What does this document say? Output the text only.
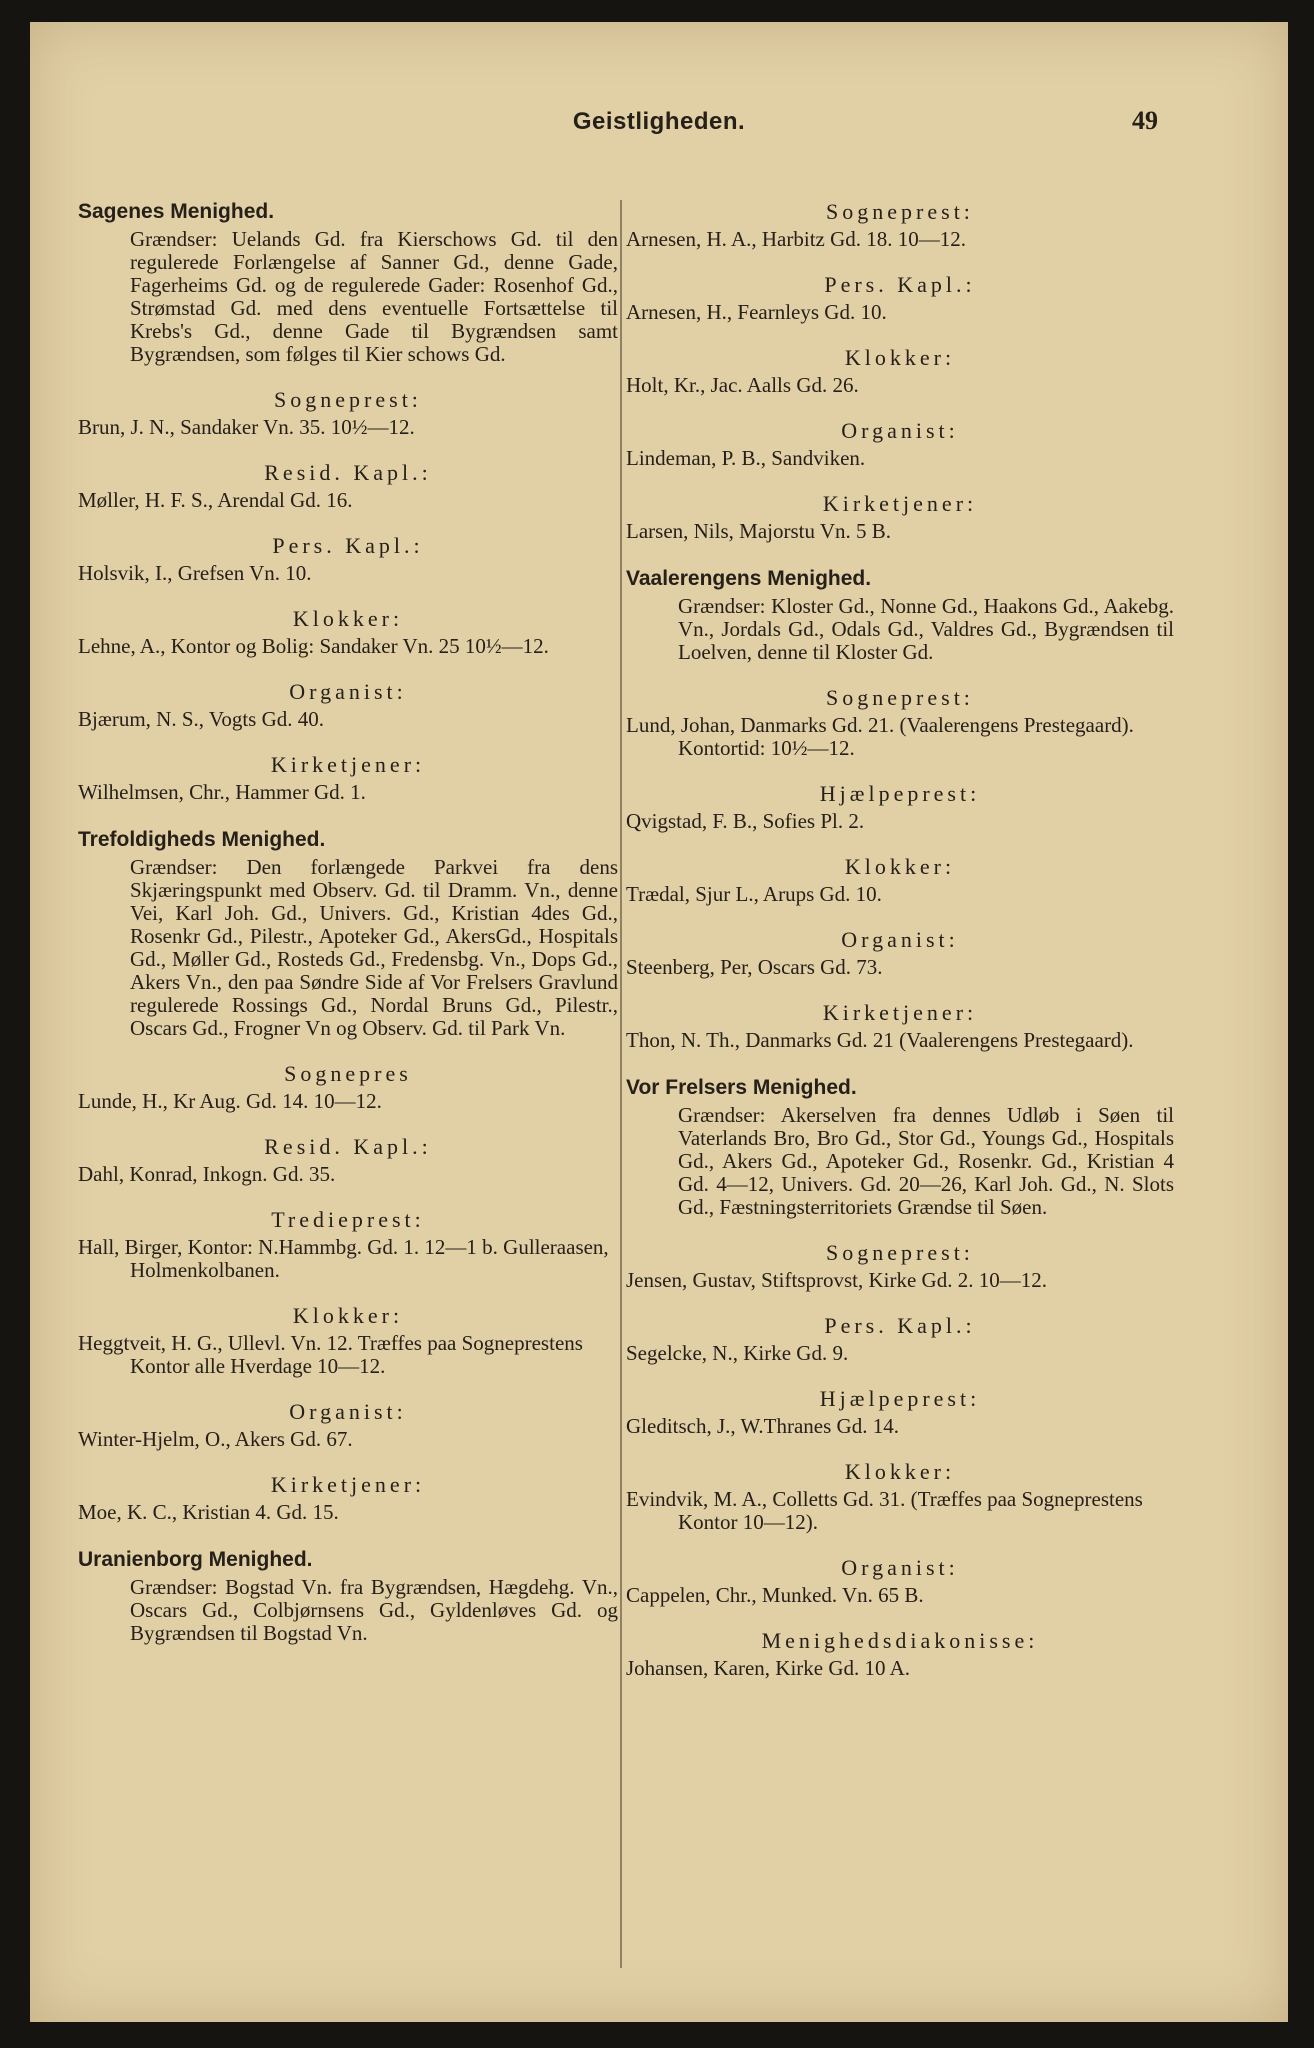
Geistligheden.	49
Sagenes Menighed.
Grændser: Uelands Gd. fra Kierschows Gd. til den regulerede Forlængelse af Sanner Gd., denne Gade, Fagerheims Gd. og de regulerede Gader: Rosenhof Gd., Strømstad Gd. med dens eventuelle Fortsættelse til Krebs's Gd., denne Gade til Bygrændsen samt Bygrændsen, som følges til Kier schows Gd.
Sogneprest:
Brun, J. N., Sandaker Vn. 35. 10½—12.
Resid. Kapl.:
Møller, H. F. S., Arendal Gd. 16.
Pers. Kapl.:
Holsvik, I., Grefsen Vn. 10.
Klokker:
Lehne, A., Kontor og Bolig: Sandaker Vn. 25 10½—12.
Organist:
Bjærum, N. S., Vogts Gd. 40.
Kirketjener:
Wilhelmsen, Chr., Hammer Gd. 1.
Trefoldigheds Menighed.
Grændser: Den forlængede Parkvei fra dens Skjæringspunkt med Observ. Gd. til Dramm. Vn., denne Vei, Karl Joh. Gd., Univers. Gd., Kristian 4des Gd., Rosenkr Gd., Pilestr., Apoteker Gd., AkersGd., Hospitals Gd., Møller Gd., Rosteds Gd., Fredensbg. Vn., Dops Gd., Akers Vn., den paa Søndre Side af Vor Frelsers Gravlund regulerede Rossings Gd., Nordal Bruns Gd., Pilestr., Oscars Gd., Frogner Vn og Observ. Gd. til Park Vn.
Sognepres
Lunde, H., Kr Aug. Gd. 14. 10—12.
Resid. Kapl.:
Dahl, Konrad, Inkogn. Gd. 35.
Tredieprest:
Hall, Birger, Kontor: N.Hammbg. Gd. 1. 12—1 b. Gulleraasen, Holmenkolbanen.
Klokker:
Heggtveit, H. G., Ullevl. Vn. 12. Træffes paa Sogneprestens Kontor alle Hverdage 10—12.
Organist:
Winter-Hjelm, O., Akers Gd. 67.
Kirketjener:
Moe, K. C., Kristian 4. Gd. 15.
Uranienborg Menighed.
Grændser: Bogstad Vn. fra Bygrændsen, Hægdehg. Vn., Oscars Gd., Colbjørnsens Gd., Gyldenløves Gd. og Bygrændsen til Bogstad Vn.
Sogneprest:
Arnesen, H. A., Harbitz Gd. 18. 10—12.
Pers. Kapl.:
Arnesen, H., Fearnleys Gd. 10.
Klokker:
Holt, Kr., Jac. Aalls Gd. 26.
Organist:
Lindeman, P. B., Sandviken.
Kirketjener:
Larsen, Nils, Majorstu Vn. 5 B.
Vaalerengens Menighed.
Grændser: Kloster Gd., Nonne Gd., Haakons Gd., Aakebg. Vn., Jordals Gd., Odals Gd., Valdres Gd., Bygrændsen til Loelven, denne til Kloster Gd.
Sogneprest:
Lund, Johan, Danmarks Gd. 21. (Vaalerengens Prestegaard). Kontortid: 10½—12.
Hjælpeprest:
Qvigstad, F. B., Sofies Pl. 2.
Klokker:
Trædal, Sjur L., Arups Gd. 10.
Organist:
Steenberg, Per, Oscars Gd. 73.
Kirketjener:
Thon, N. Th., Danmarks Gd. 21 (Vaalerengens Prestegaard).
Vor Frelsers Menighed.
Grændser: Akerselven fra dennes Udløb i Søen til Vaterlands Bro, Bro Gd., Stor Gd., Youngs Gd., Hospitals Gd., Akers Gd., Apoteker Gd., Rosenkr. Gd., Kristian 4 Gd. 4—12, Univers. Gd. 20—26, Karl Joh. Gd., N. Slots Gd., Fæstningsterritoriets Grændse til Søen.
Sogneprest:
Jensen, Gustav, Stiftsprovst, Kirke Gd. 2. 10—12.
Pers. Kapl.:
Segelcke, N., Kirke Gd. 9.
Hjælpeprest:
Gleditsch, J., W.Thranes Gd. 14.
Klokker:
Evindvik, M. A., Colletts Gd. 31. (Træffes paa Sogneprestens Kontor 10—12).
Organist:
Cappelen, Chr., Munked. Vn. 65 B.
Menighedsdiakonisse:
Johansen, Karen, Kirke Gd. 10 A.
